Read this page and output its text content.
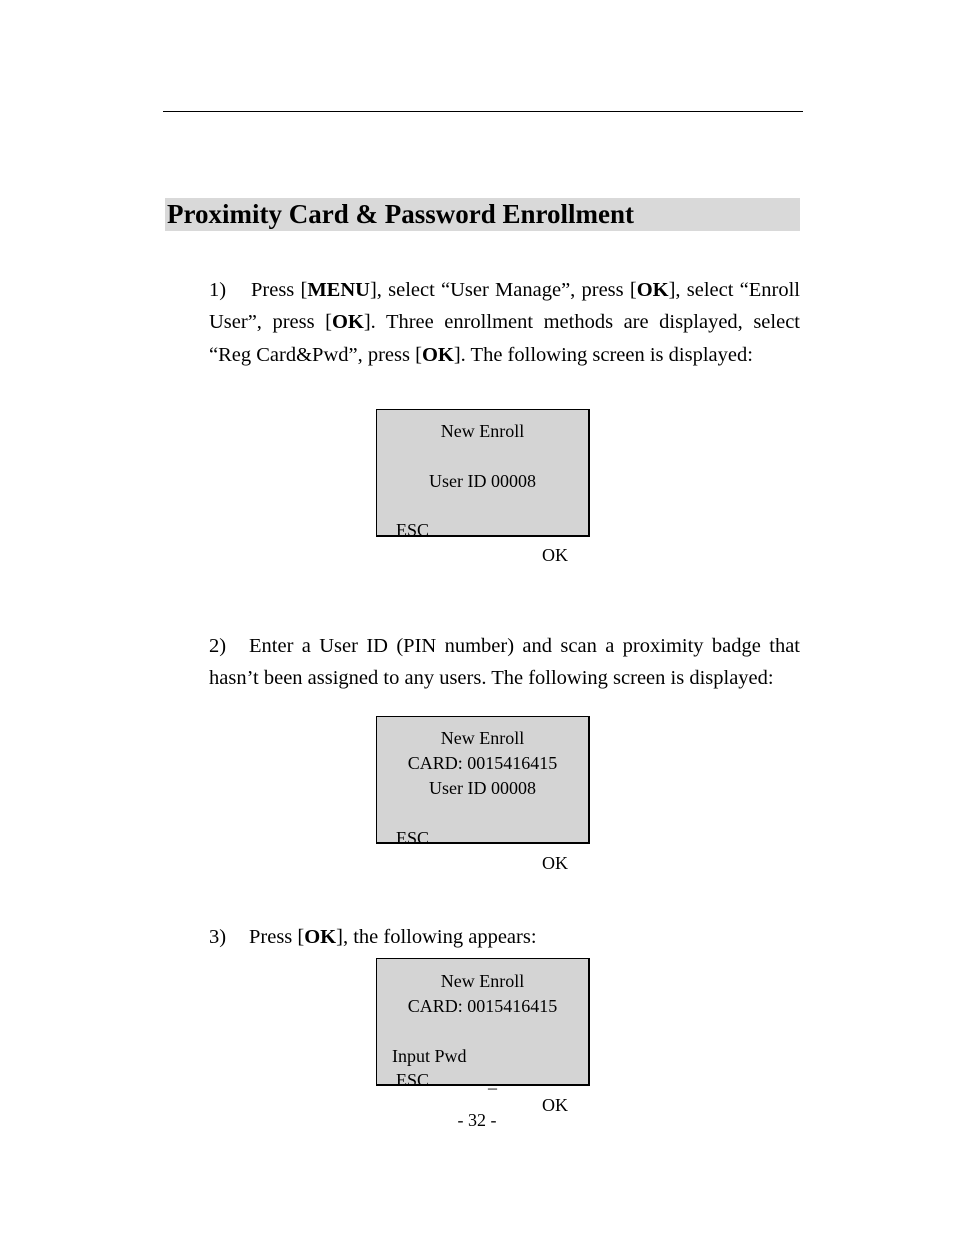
Proximity Card & Password Enrollment
1) Press [MENU], select “User Manage”, press [OK], select “Enroll User”, press [OK]. Three enrollment methods are displayed, select “Reg Card&Pwd”, press [OK]. The following screen is displayed:
New Enroll
User ID 00008

ESC

OK

2) Enter a User ID (PIN number) and scan a proximity badge that hasn’t been assigned to any users. The following screen is displayed:
New Enroll
CARD: 0015416415
User ID 00008

ESC

OK

3) Press [OK], the following appears:
New Enroll
CARD: 0015416415

Input Pwd

_

ESC

OK

- 32 -
